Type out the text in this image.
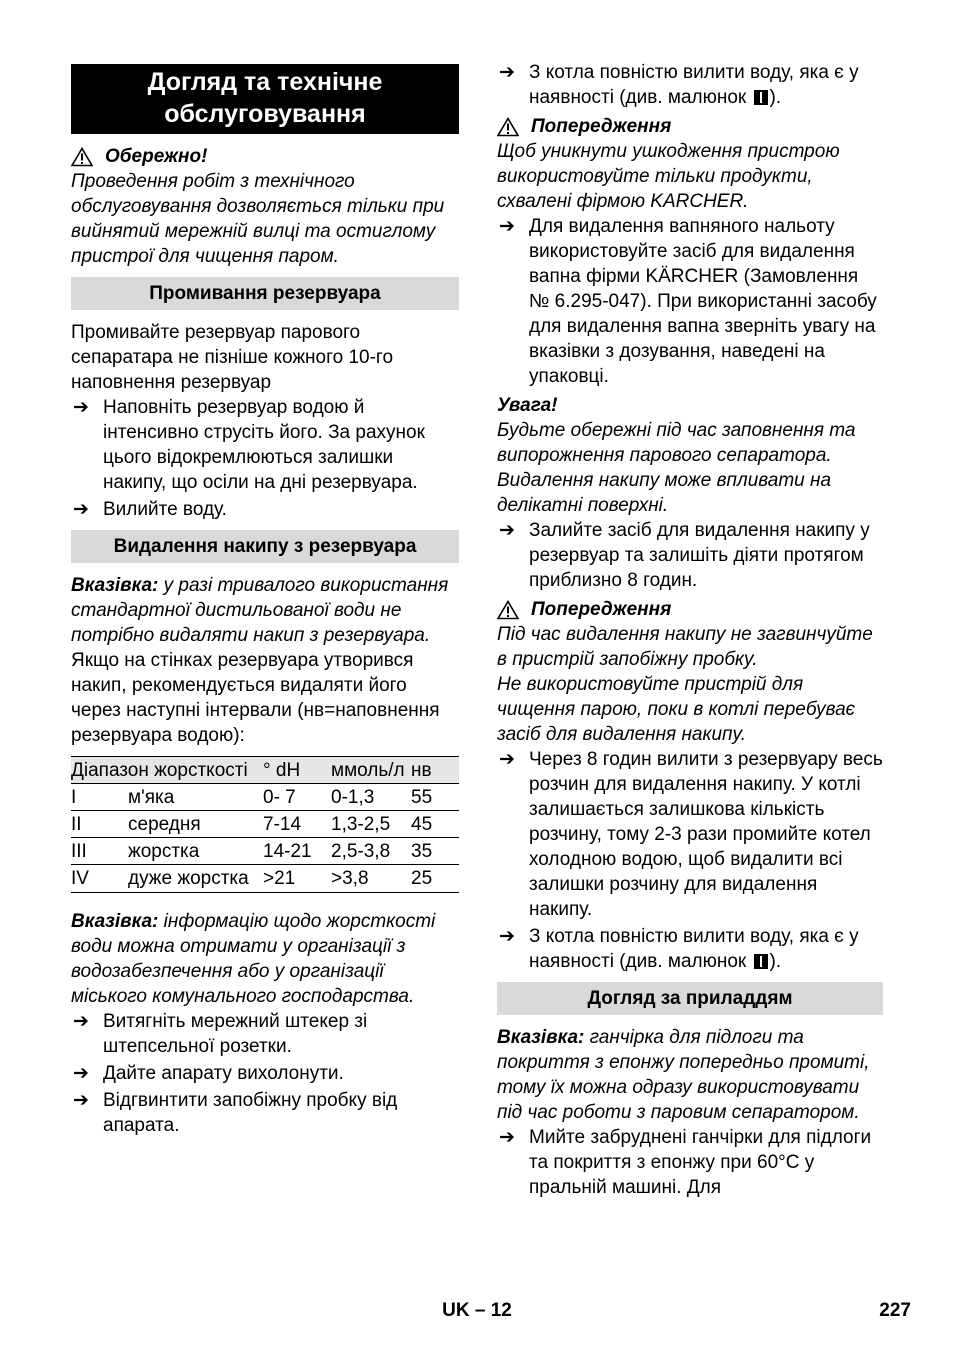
Догляд та технічне обслуговування
Обережно!

Проведення робіт з технічного обслуговування дозволяється тільки при вийнятий мережній вилці та остиглому пристрої для чищення паром.

Промивання резервуара

Промивайте резервуар парового сепаратара не пізніше кожного 10-го наповнення резервуар

➔ Наповніть резервуар водою й інтенсивно струсіть його. За рахунок цього відокремлюються залишки накипу, що осіли на дні резервуара.
➔ Вилийте воду.
Видалення накипу з резервуара

Вказівка: у разі тривалого використання стандартної дистильованої води не потрібно видаляти накип з резервуара.

Якщо на стінках резервуара утворився накип, рекомендується видаляти його через наступні інтервали (нв=наповнення резервуара водою):

Діапазон жорсткості		° dH	ммоль/л	нв
I	м'яка	0- 7	0-1,3	55
II	середня	7-14	1,3-2,5	45
III	жорстка	14-21	2,5-3,8	35
IV	дуже жорстка	>21	>3,8	25

Вказівка: інформацію щодо жорсткості води можна отримати у організації з водозабезпечення або у організації міського комунального господарства.

➔ Витягніть мережний штекер зі штепсельної розетки.
➔ Дайте апарату вихолонути.
➔ Відгвинтити запобіжну пробку від апарата.
➔ З котла повністю вилити воду, яка є у наявності (див. малюнок ).
Попередження

Щоб уникнути ушкодження пристрою використовуйте тільки продукти, схвалені фірмою KARCHER.

➔ Для видалення вапняного нальоту використовуйте засіб для видалення вапна фірми KÄRCHER (Замовлення № 6.295-047). При використанні засобу для видалення вапна зверніть увагу на вказівки з дозування, наведені на упаковці.
Увага!

Будьте обережні під час заповнення та випорожнення парового сепаратора. Видалення накипу може впливати на делікатні поверхні.

➔ Залийте засіб для видалення накипу у резервуар та залишіть діяти протягом приблизно 8 годин.
Попередження

Під час видалення накипу не загвинчуйте в пристрій запобіжну пробку.

Не використовуйте пристрій для чищення парою, поки в котлі перебуває засіб для видалення накипу.

➔ Через 8 годин вилити з резервуару весь розчин для видалення накипу. У котлі залишається залишкова кількість розчину, тому 2-3 рази промийте котел холодною водою, щоб видалити всі залишки розчину для видалення накипу.
➔ З котла повністю вилити воду, яка є у наявності (див. малюнок ).
Догляд за приладдям

Вказівка: ганчірка для підлоги та покриття з епонжу попередньо промиті, тому їх можна одразу використовувати під час роботи з паровим сепаратором.

➔ Мийте забруднені ганчірки для підлоги та покриття з епонжу при 60°C у пральній машині. Для
UK – 12	227
